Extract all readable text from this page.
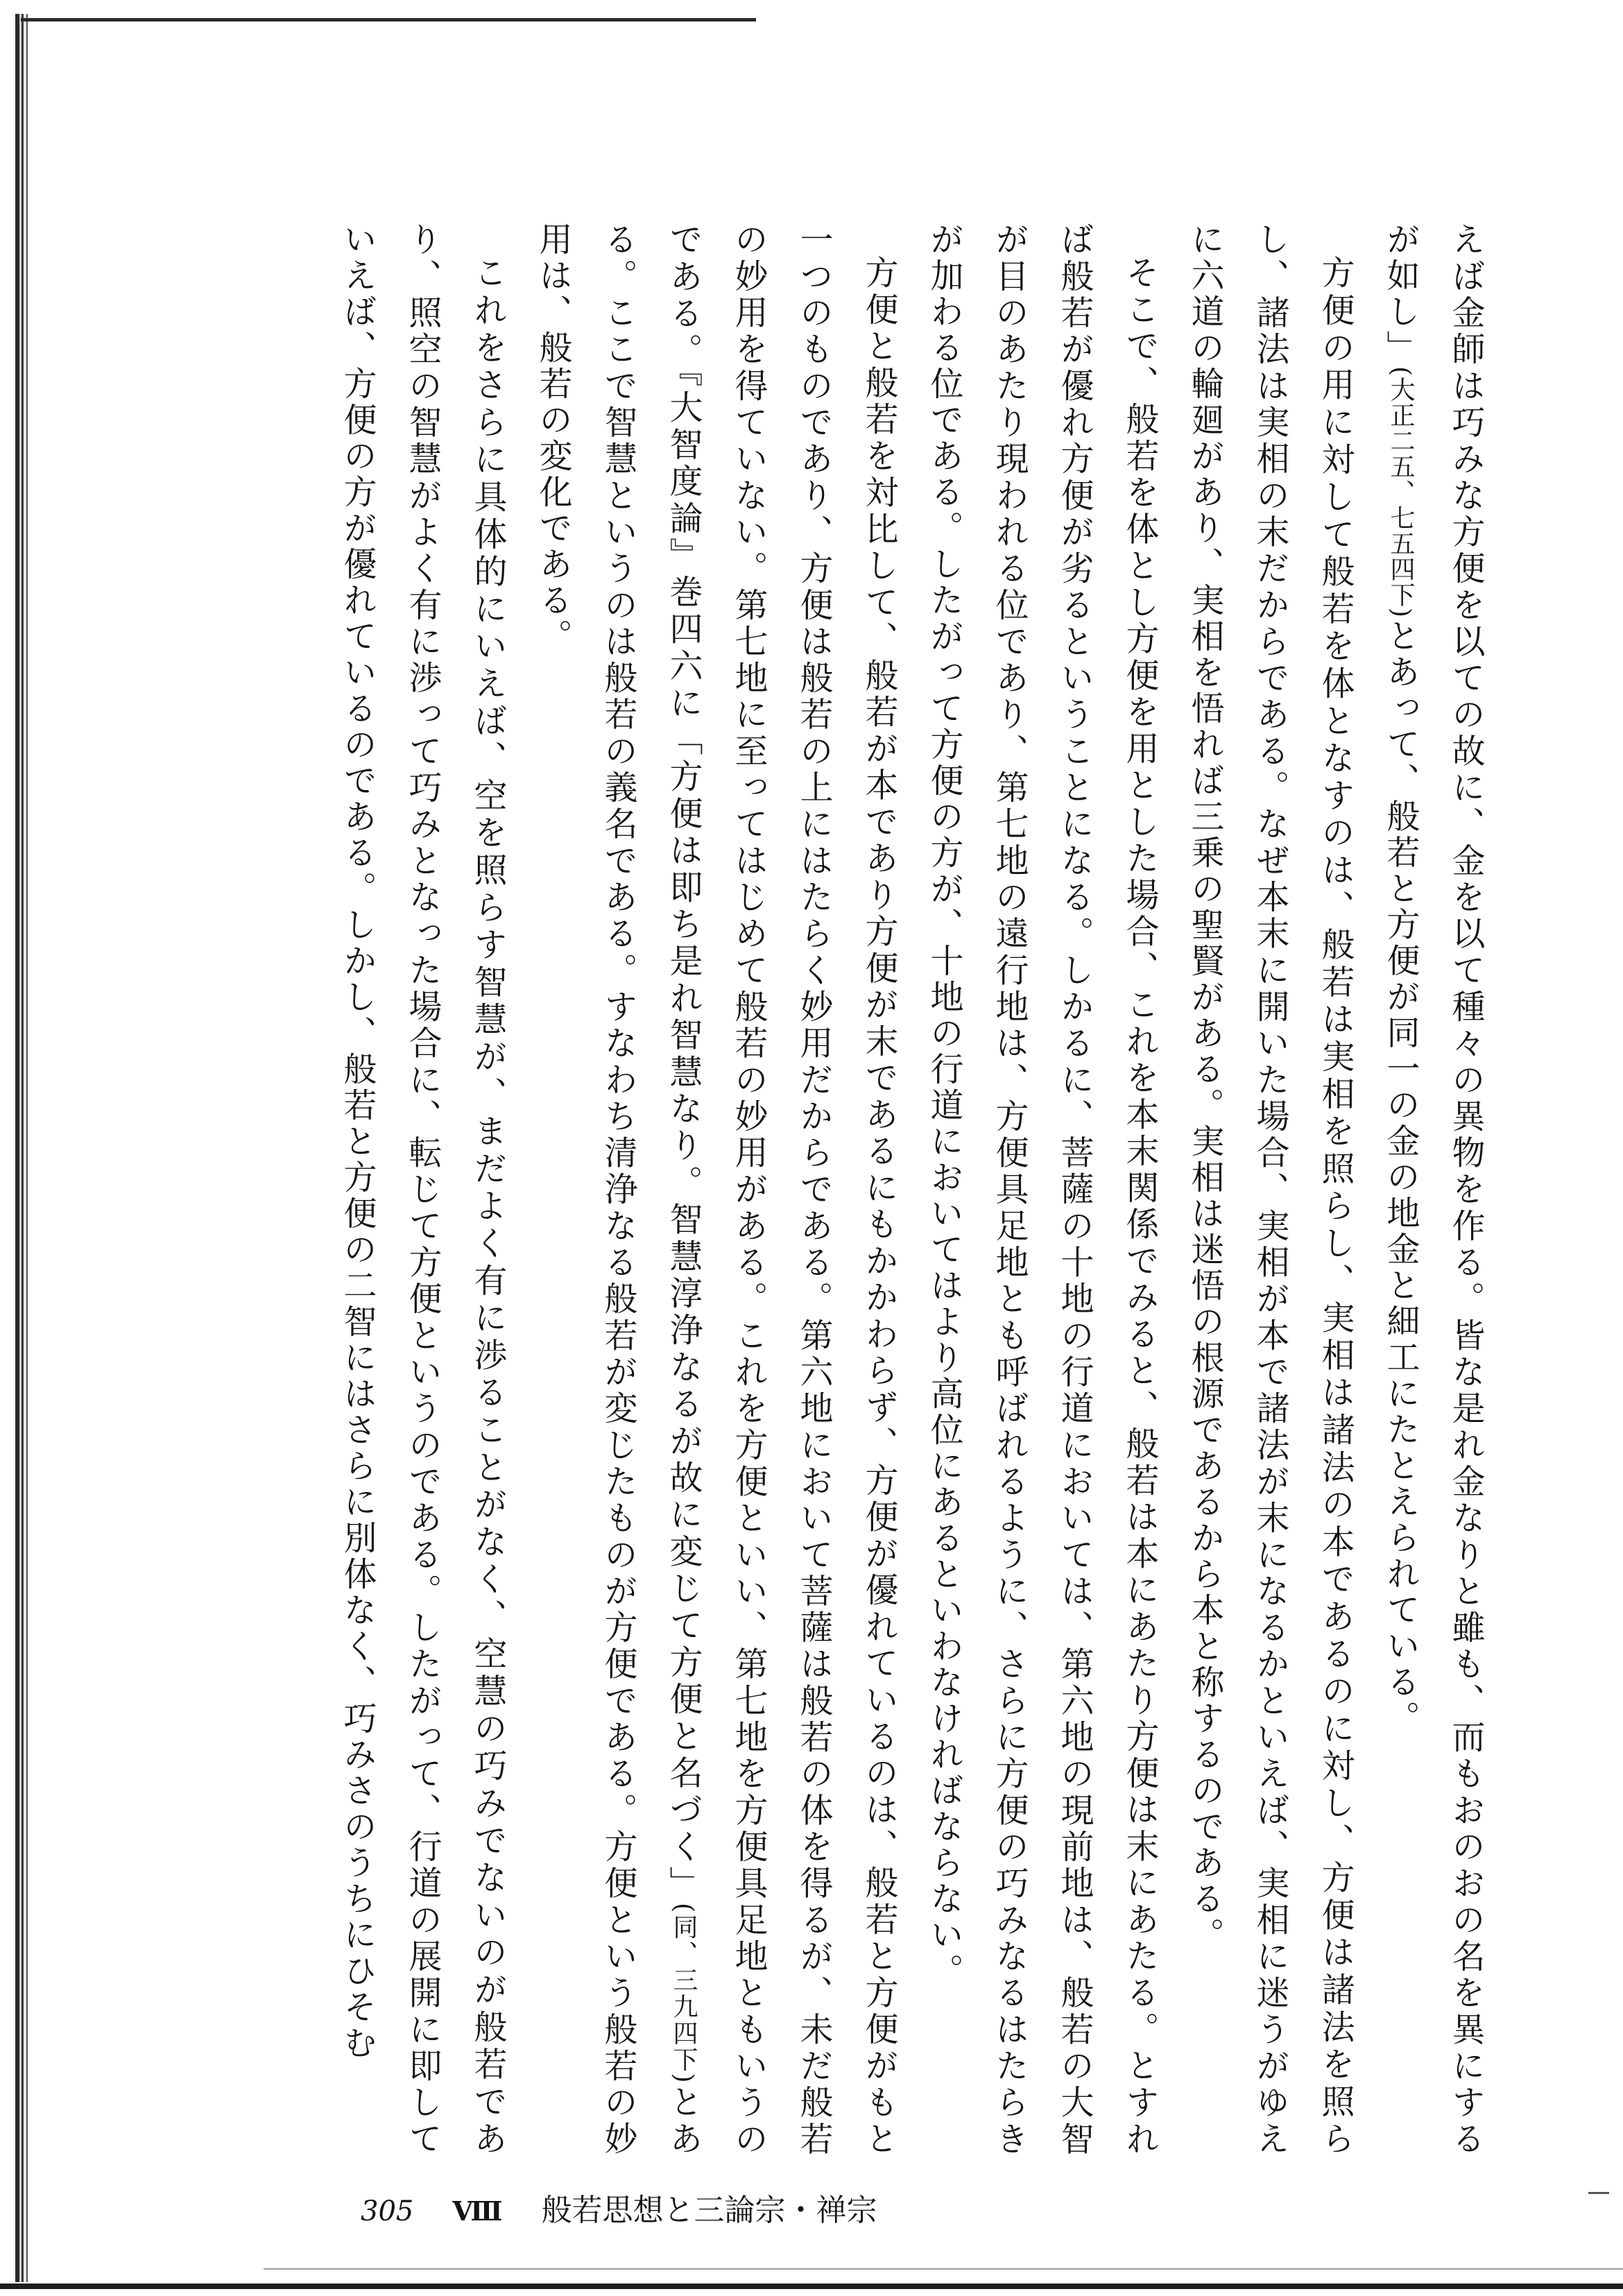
えば金師は巧みな方便を以ての故に、金を以て種々の異物を作る。皆な是れ金なりと雖も、而もおのおの名を異にするが如し」(大正二五、七五四下)とあって、般若と方便が同一の金の地金と細工にたとえられている。

方便の用に対して般若を体となすのは、般若は実相を照らし、実相は諸法の本であるのに対し、方便は諸法を照らし、諸法は実相の末だからである。なぜ本末に開いた場合、実相が本で諸法が末になるかといえば、実相に迷うがゆえに六道の輪廻があり、実相を悟れば三乗の聖賢がある。実相は迷悟の根源であるから本と称するのである。

そこで、般若を体とし方便を用とした場合、これを本末関係でみると、般若は本にあたり方便は末にあたる。とすれば般若が優れ方便が劣るということになる。しかるに、菩薩の十地の行道においては、第六地の現前地は、般若の大智が目のあたり現われる位であり、第七地の遠行地は、方便具足地とも呼ばれるように、さらに方便の巧みなるはたらきが加わる位である。したがって方便の方が、十地の行道においてはより高位にあるといわなければならない。

方便と般若を対比して、般若が本であり方便が末であるにもかかわらず、方便が優れているのは、般若と方便がもと一つのものであり、方便は般若の上にはたらく妙用だからである。第六地において菩薩は般若の体を得るが、未だ般若の妙用を得ていない。第七地に至ってはじめて般若の妙用がある。これを方便といい、第七地を方便具足地ともいうのである。『大智度論』巻四六に「方便は即ち是れ智慧なり。智慧淳浄なるが故に変じて方便と名づく」(同、三九四下)とある。ここで智慧というのは般若の義名である。すなわち清浄なる般若が変じたものが方便である。方便という般若の妙用は、般若の変化である。

これをさらに具体的にいえば、空を照らす智慧が、まだよく有に渉ることがなく、空慧の巧みでないのが般若であり、照空の智慧がよく有に渉って巧みとなった場合に、転じて方便というのである。したがって、行道の展開に即していえば、方便の方が優れているのである。しかし、般若と方便の二智にはさらに別体なく、巧みさのうちにひそむ

305 Ⅷ 般若思想と三論宗・禅宗
